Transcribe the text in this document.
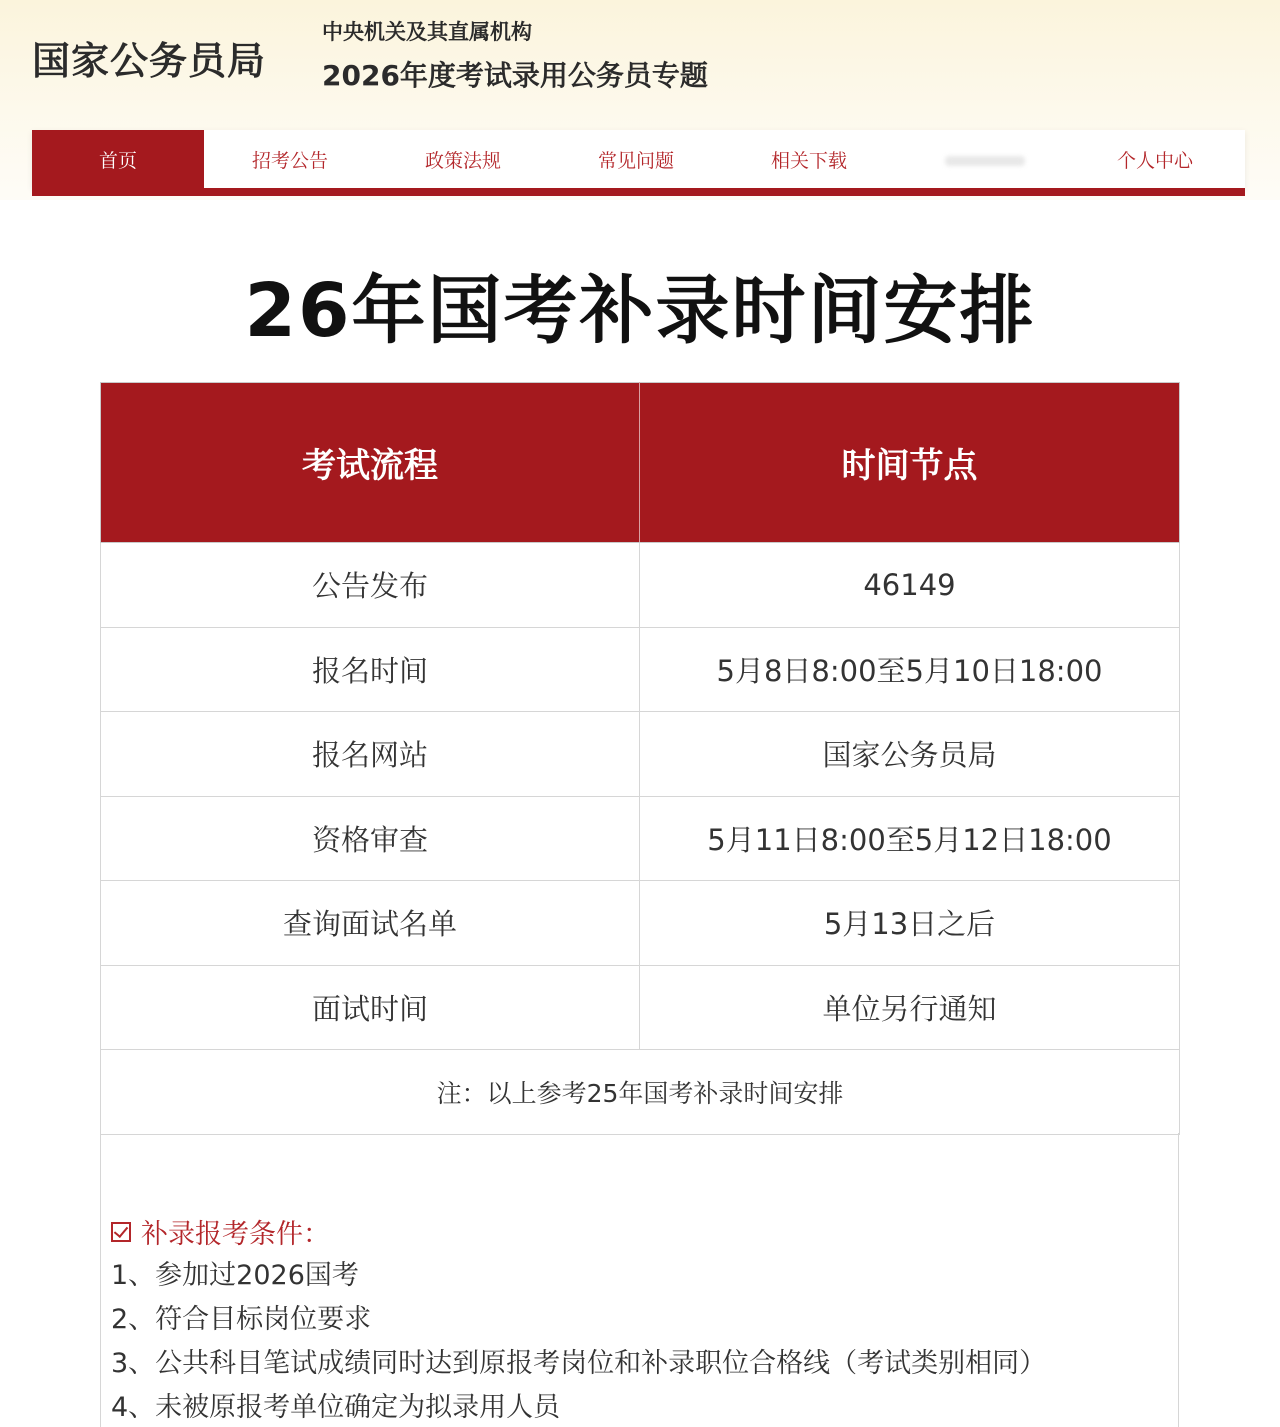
国家公务员局
中央机关及其直属机构
2026年度考试录用公务员专题
首页	招考公告	政策法规	常见问题	相关下载	个人中心
26年国考补录时间安排
考试流程	时间节点
公告发布	46149
报名时间	5月8日8:00至5月10日18:00
报名网站	国家公务员局
资格审查	5月11日8:00至5月12日18:00
查询面试名单	5月13日之后
面试时间	单位另行通知
注：以上参考25年国考补录时间安排	
补录报考条件：
1、参加过2026国考
2、符合目标岗位要求
3、公共科目笔试成绩同时达到原报考岗位和补录职位合格线（考试类别相同）
4、未被原报考单位确定为拟录用人员
